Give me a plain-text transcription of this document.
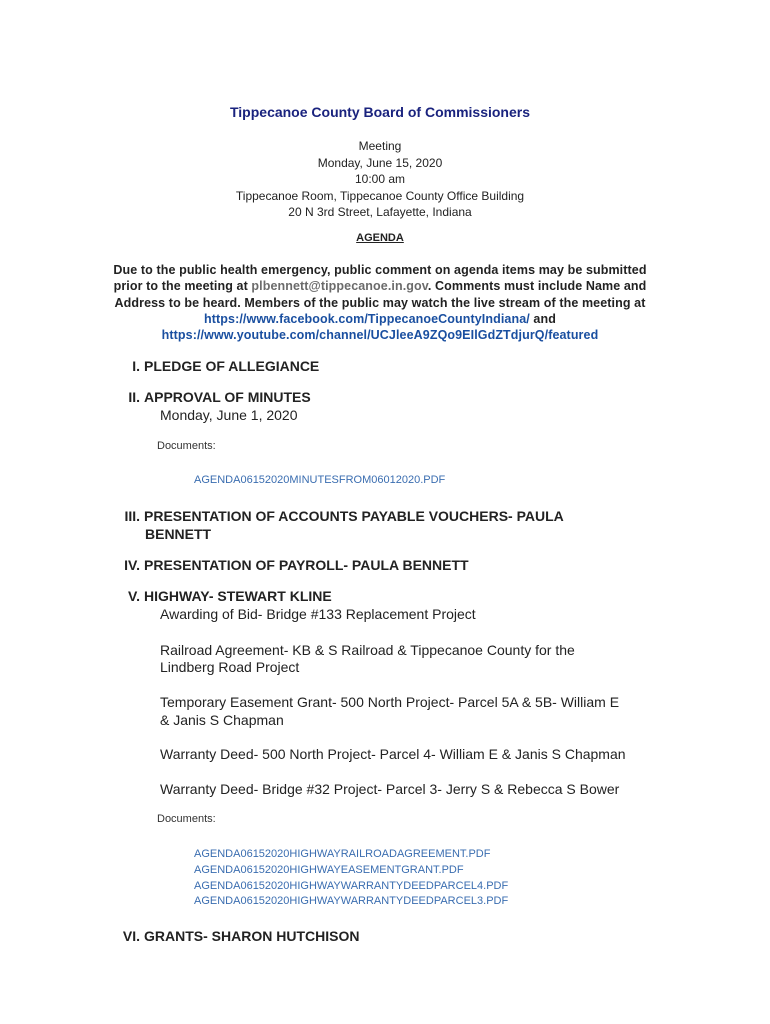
Tippecanoe County Board of Commissioners
Meeting
Monday, June 15, 2020
10:00 am
Tippecanoe Room, Tippecanoe County Office Building
20 N 3rd Street, Lafayette, Indiana
AGENDA
Due to the public health emergency, public comment on agenda items may be submitted prior to the meeting at plbennett@tippecanoe.in.gov. Comments must include Name and Address to be heard. Members of the public may watch the live stream of the meeting at https://www.facebook.com/TippecanoeCountyIndiana/ and https://www.youtube.com/channel/UCJleeA9ZQo9EIlGdZTdjurQ/featured
I. PLEDGE OF ALLEGIANCE
II. APPROVAL OF MINUTES
Monday, June 1, 2020
Documents:
AGENDA06152020MINUTESFROM06012020.PDF
III. PRESENTATION OF ACCOUNTS PAYABLE VOUCHERS- PAULA
BENNETT
IV. PRESENTATION OF PAYROLL- PAULA BENNETT
V. HIGHWAY- STEWART KLINE
Awarding of Bid- Bridge #133 Replacement Project
Railroad Agreement- KB & S Railroad & Tippecanoe County for the
Lindberg Road Project
Temporary Easement Grant- 500 North Project- Parcel 5A & 5B- William E
& Janis S Chapman
Warranty Deed- 500 North Project- Parcel 4- William E & Janis S Chapman
Warranty Deed- Bridge #32 Project- Parcel 3- Jerry S & Rebecca S Bower
Documents:
AGENDA06152020HIGHWAYRAILROADAGREEMENT.PDF
AGENDA06152020HIGHWAYEASEMENTGRANT.PDF
AGENDA06152020HIGHWAYWARRANTYDEEDPARCEL4.PDF
AGENDA06152020HIGHWAYWARRANTYDEEDPARCEL3.PDF
VI. GRANTS- SHARON HUTCHISON
